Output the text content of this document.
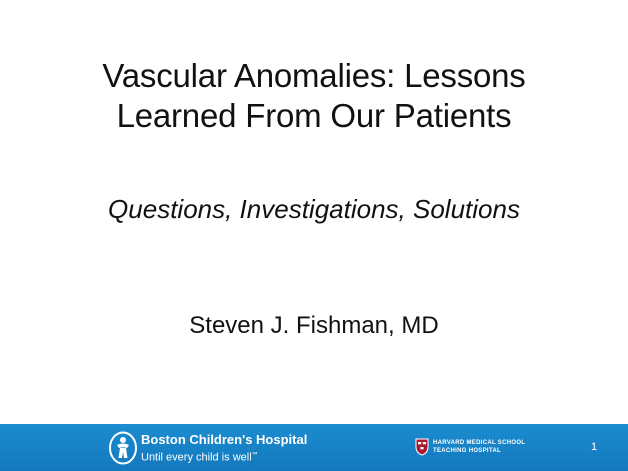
Vascular Anomalies: Lessons
Learned From Our Patients
Questions, Investigations, Solutions
Steven J. Fishman, MD
Boston Children's Hospital
Until every child is well™
HARVARD MEDICAL SCHOOL
TEACHING HOSPITAL	1
